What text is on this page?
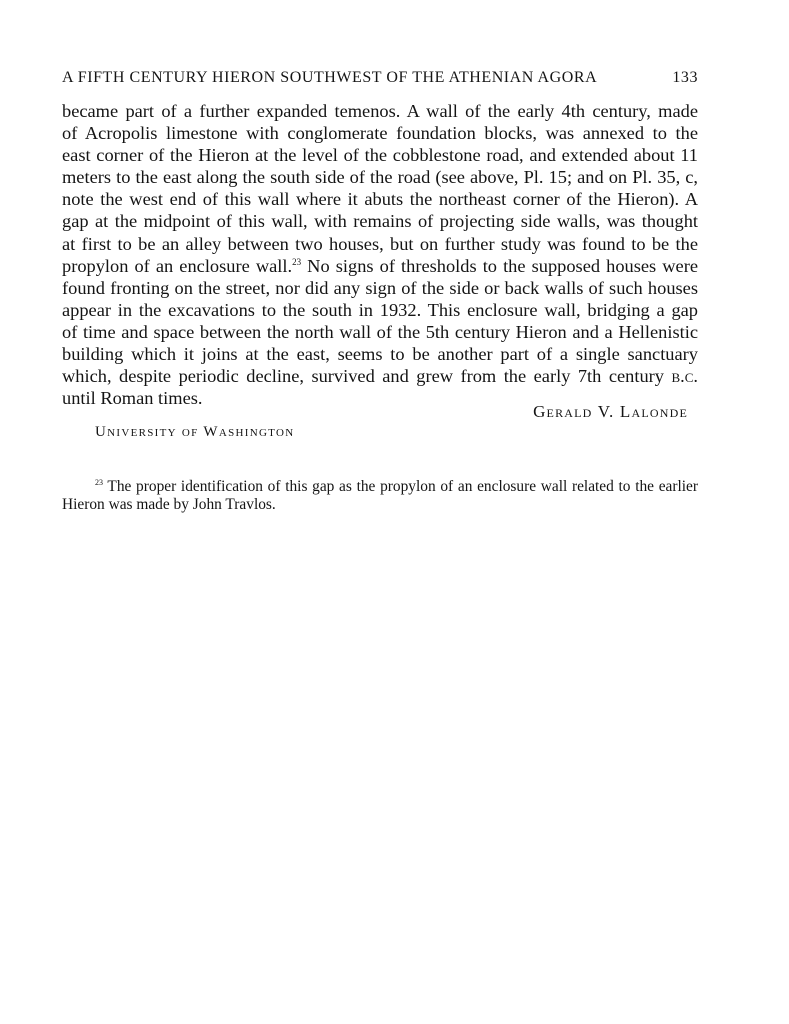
A FIFTH CENTURY HIERON SOUTHWEST OF THE ATHENIAN AGORA	133
became part of a further expanded temenos. A wall of the early 4th century, made
of Acropolis limestone with conglomerate foundation blocks, was annexed to the
east corner of the Hieron at the level of the cobblestone road, and extended about 11
meters to the east along the south side of the road (see above, Pl. 15; and on Pl. 35, c,
note the west end of this wall where it abuts the northeast corner of the Hieron). A
gap at the midpoint of this wall, with remains of projecting side walls, was thought
at first to be an alley between two houses, but on further study was found to be the
propylon of an enclosure wall.$^{23}$ No signs of thresholds to the supposed houses were
found fronting on the street, nor did any sign of the side or back walls of such houses
appear in the excavations to the south in 1932. This enclosure wall, bridging a gap
of time and space between the north wall of the 5th century Hieron and a Hellenistic
building which it joins at the east, seems to be another part of a single sanctuary
which, despite periodic decline, survived and grew from the early 7th century b.c.
until Roman times.
Gerald V. Lalonde
University of Washington
$^{23}$ The proper identification of this gap as the propylon of an enclosure wall related to the earlier
Hieron was made by John Travlos.
